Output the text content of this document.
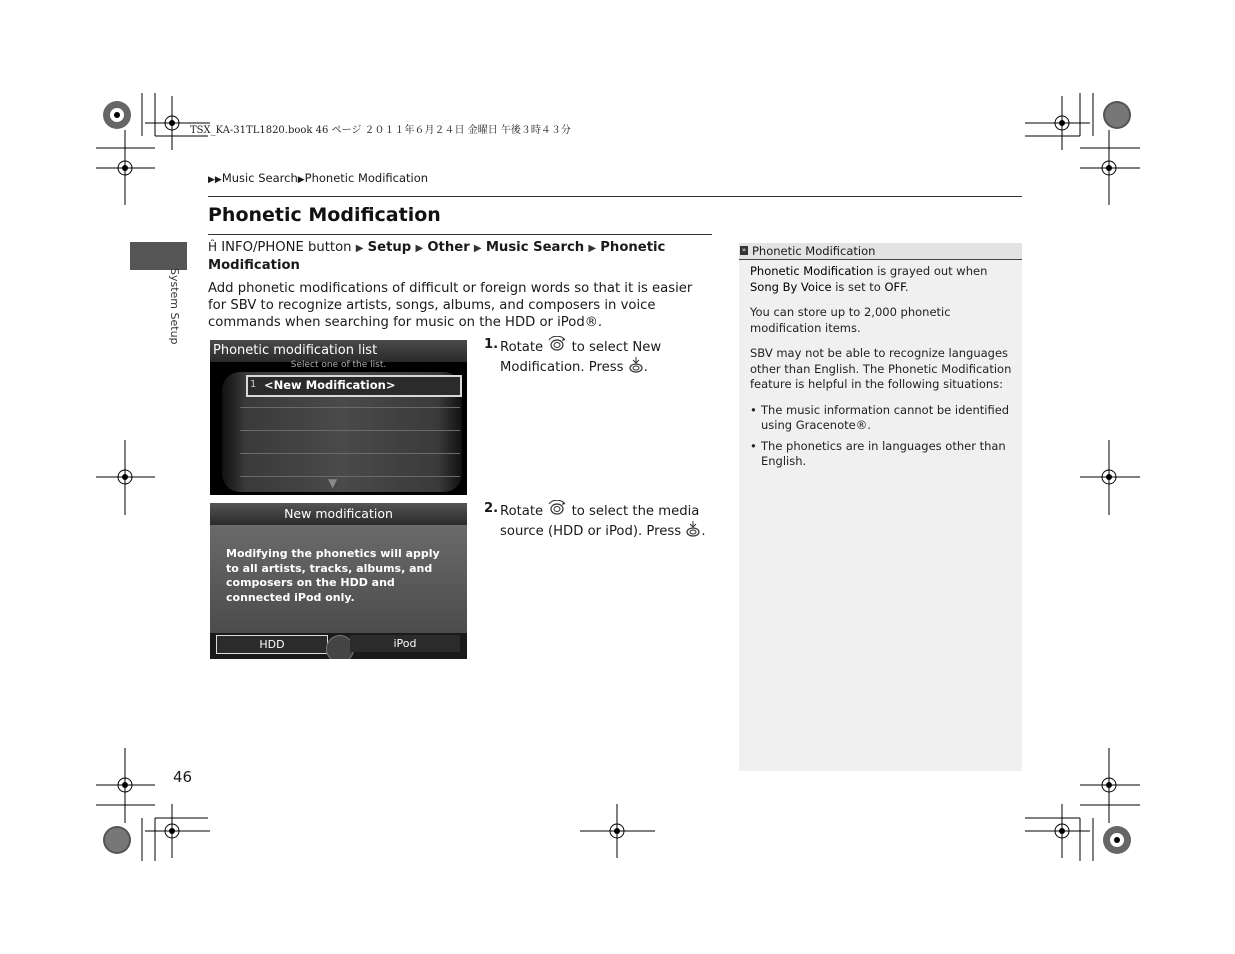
TSX_KA-31TL1820.book 46 ページ ２０１１年６月２４日 金曜日 午後３時４３分
▶▶Music Search▶Phonetic Modification
Phonetic Modification
System Setup
Ĥ INFO/PHONE button ▶ Setup ▶ Other ▶ Music Search ▶ Phonetic Modification
Add phonetic modifications of difficult or foreign words so that it is easier for SBV to recognize artists, songs, albums, and composers in voice commands when searching for music on the HDD or iPod®.
1. Rotate to select New Modification. Press .
2. Rotate to select the media source (HDD or iPod). Press .
Phonetic modification list
Select one of the list.
1 <New Modification>
▼
New modification
Modifying the phonetics will apply to all artists, tracks, albums, and composers on the HDD and connected iPod only.
HDD	iPod
» Phonetic Modification

Phonetic Modification is grayed out when Song By Voice is set to OFF.

You can store up to 2,000 phonetic modification items.

SBV may not be able to recognize languages other than English. The Phonetic Modification feature is helpful in the following situations:

• The music information cannot be identified using Gracenote®.
• The phonetics are in languages other than English.
46
